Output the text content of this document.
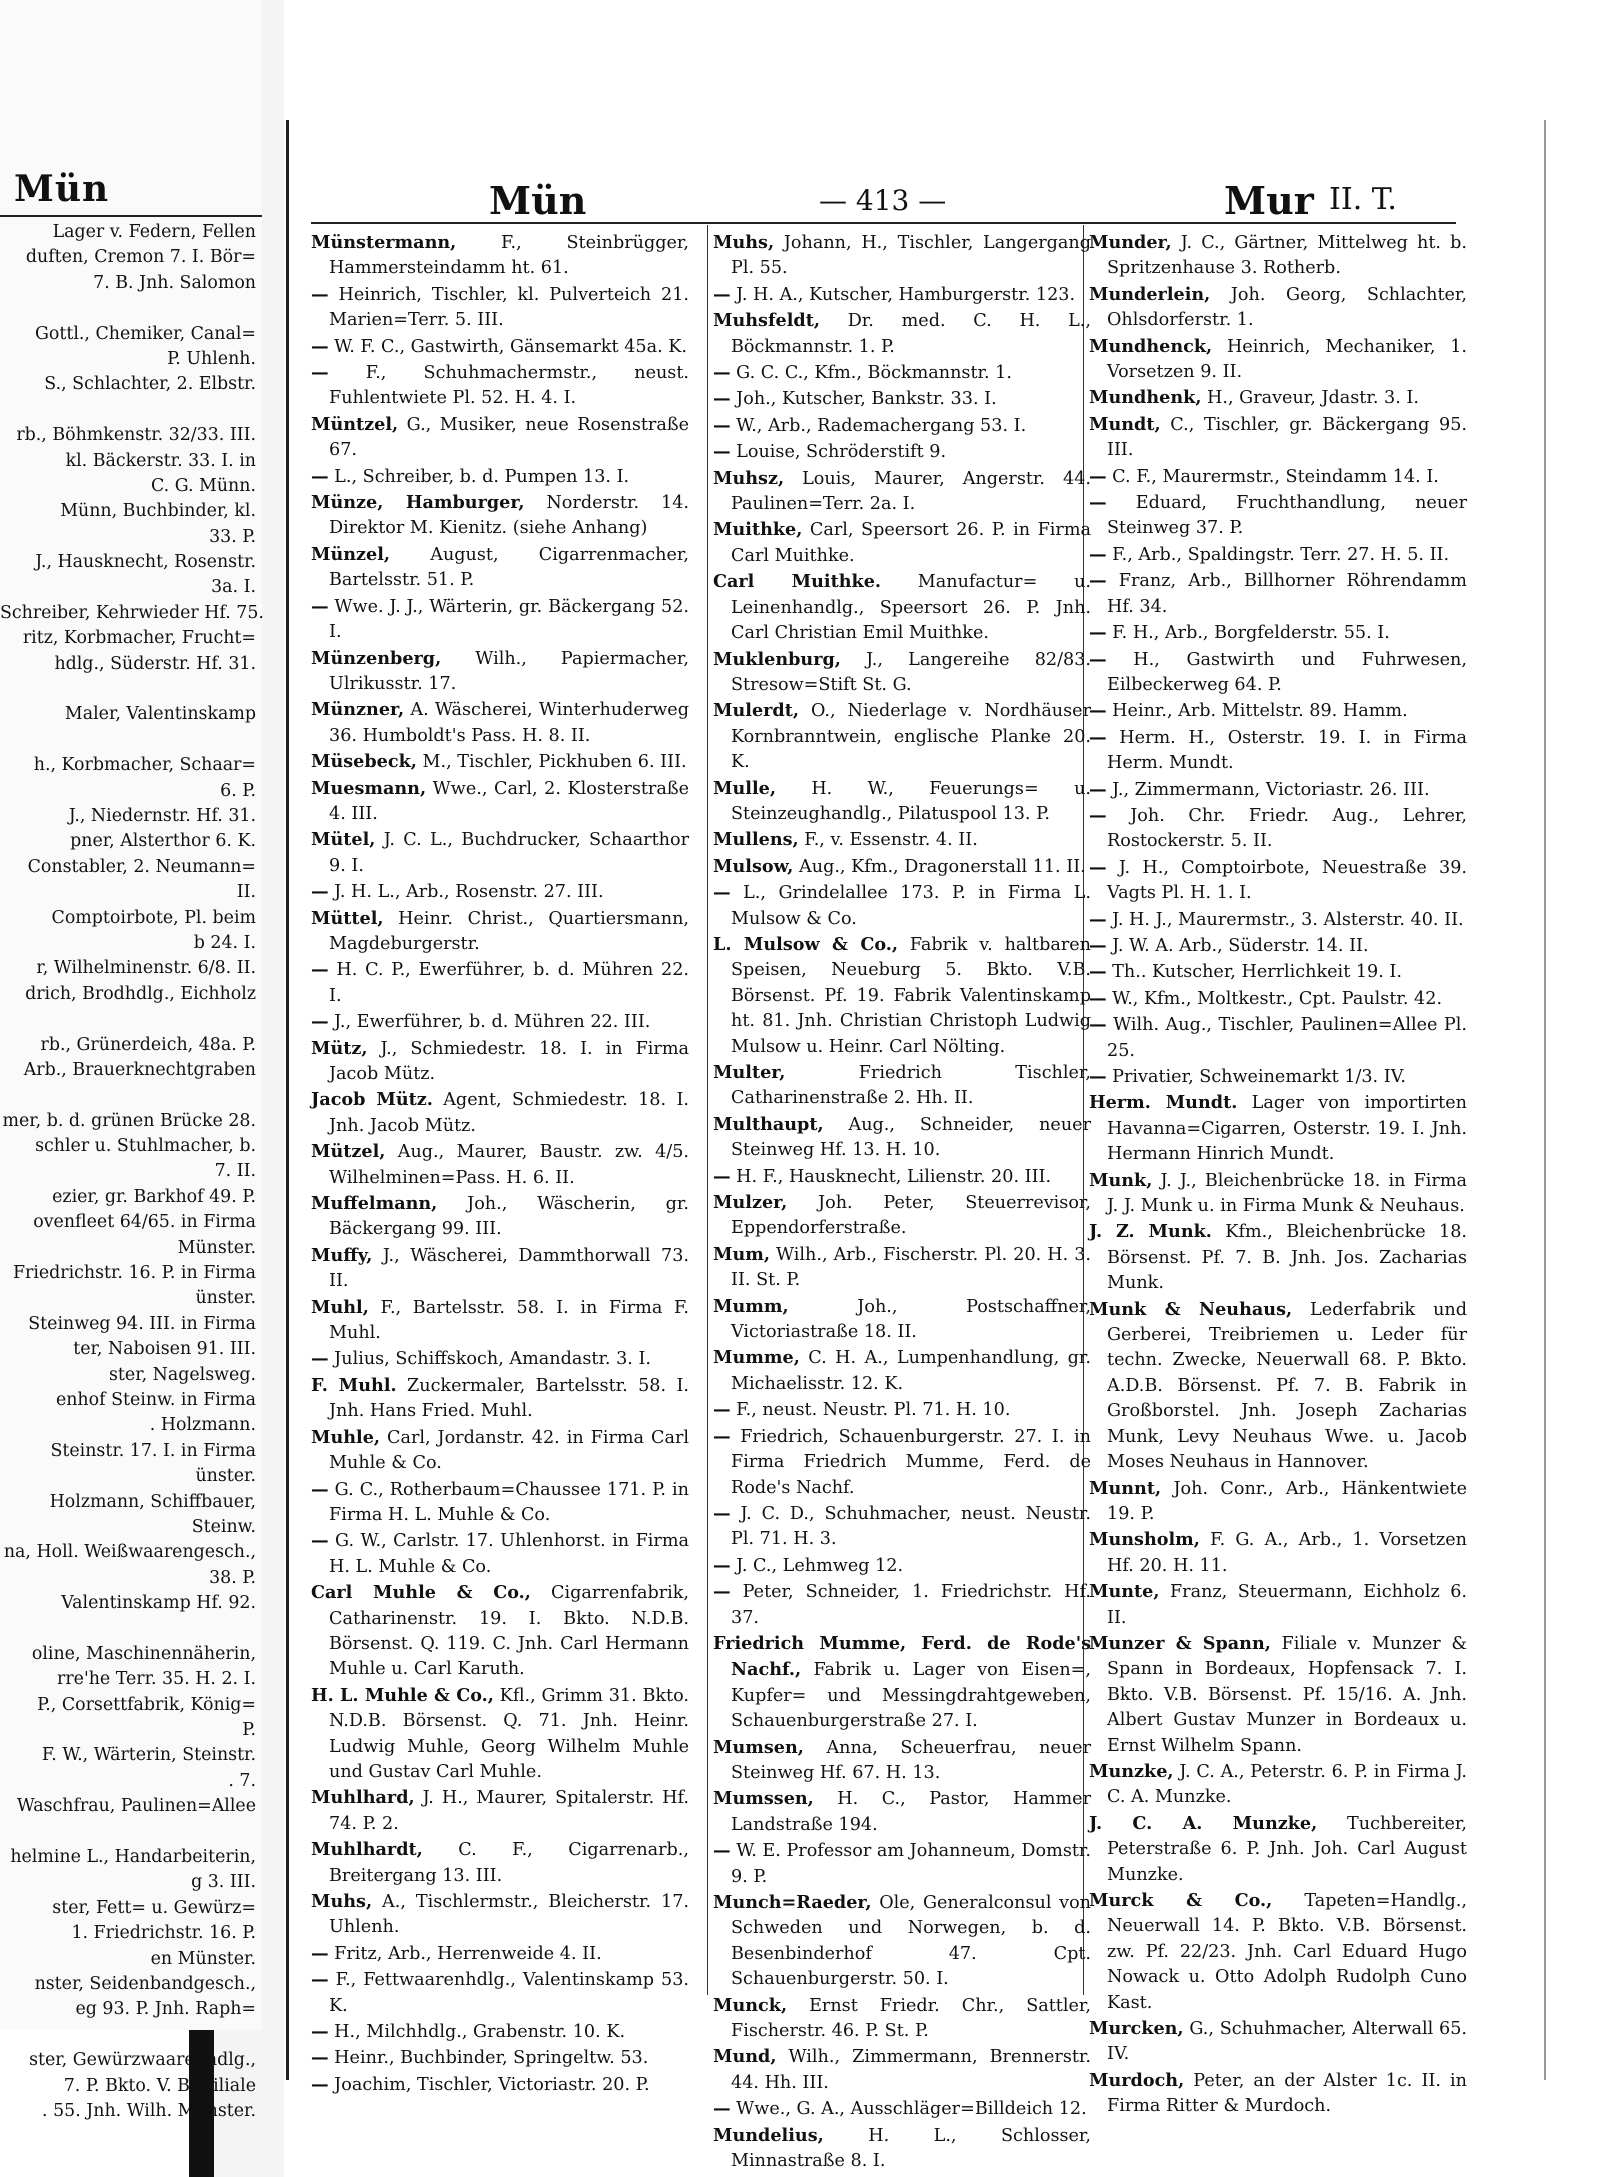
Mün
Lager v. Federn, Fellen
duften, Cremon 7. I. Bör=
7. B. Jnh. Salomon
Gottl., Chemiker, Canal=
P. Uhlenh.
S., Schlachter, 2. Elbstr.
rb., Böhmkenstr. 32/33. III.
kl. Bäckerstr. 33. I. in
C. G. Münn.
Münn, Buchbinder, kl.
33. P.
J., Hausknecht, Rosenstr.
3a. I.
Schreiber, Kehrwieder Hf. 75.
ritz, Korbmacher, Frucht=
hdlg., Süderstr. Hf. 31.
Maler, Valentinskamp
h., Korbmacher, Schaar=
6. P.
J., Niedernstr. Hf. 31.
pner, Alsterthor 6. K.
Constabler, 2. Neumann=
II.
Comptoirbote, Pl. beim
b 24. I.
r, Wilhelminenstr. 6/8. II.
drich, Brodhdlg., Eichholz
rb., Grünerdeich, 48a. P.
Arb., Brauerknechtgraben
mer, b. d. grünen Brücke 28.
schler u. Stuhlmacher, b.
7. II.
ezier, gr. Barkhof 49. P.
ovenfleet 64/65. in Firma
Münster.
Friedrichstr. 16. P. in Firma
ünster.
Steinweg 94. III. in Firma
ter, Naboisen 91. III.
ster, Nagelsweg.
enhof Steinw. in Firma
. Holzmann.
Steinstr. 17. I. in Firma
ünster.
Holzmann, Schiffbauer,
Steinw.
na, Holl. Weißwaarengesch.,
38. P.
Valentinskamp Hf. 92.
oline, Maschinennäherin,
rre'he Terr. 35. H. 2. I.
P., Corsettfabrik, König=
P.
F. W., Wärterin, Steinstr.
. 7.
Waschfrau, Paulinen=Allee
helmine L., Handarbeiterin,
g 3. III.
ster, Fett= u. Gewürz=
1. Friedrichstr. 16. P.
en Münster.
nster, Seidenbandgesch.,
eg 93. P. Jnh. Raph=
ster, Gewürzwaarenhdlg.,
7. P. Bkto. V. B. Filiale
. 55. Jnh. Wilh. Münster.
Mün	— 413 —	Mur II. T.

Münstermann, F., Steinbrügger, Hammersteindamm ht. 61.

— Heinrich, Tischler, kl. Pulverteich 21. Marien=Terr. 5. III.

— W. F. C., Gastwirth, Gänsemarkt 45a. K.

— F., Schuhmachermstr., neust. Fuhlentwiete Pl. 52. H. 4. I.

Müntzel, G., Musiker, neue Rosenstraße 67.

— L., Schreiber, b. d. Pumpen 13. I.

Münze, Hamburger, Norderstr. 14. Direktor M. Kienitz. (siehe Anhang)

Münzel, August, Cigarrenmacher, Bartelsstr. 51. P.

— Wwe. J. J., Wärterin, gr. Bäckergang 52. I.

Münzenberg, Wilh., Papiermacher, Ulrikusstr. 17.

Münzner, A. Wäscherei, Winterhuderweg 36. Humboldt's Pass. H. 8. II.

Müsebeck, M., Tischler, Pickhuben 6. III.

Muesmann, Wwe., Carl, 2. Klosterstraße 4. III.

Mütel, J. C. L., Buchdrucker, Schaarthor 9. I.

— J. H. L., Arb., Rosenstr. 27. III.

Müttel, Heinr. Christ., Quartiersmann, Magdeburgerstr.

— H. C. P., Ewerführer, b. d. Mühren 22. I.

— J., Ewerführer, b. d. Mühren 22. III.

Mütz, J., Schmiedestr. 18. I. in Firma Jacob Mütz.

Jacob Mütz. Agent, Schmiedestr. 18. I. Jnh. Jacob Mütz.

Mützel, Aug., Maurer, Baustr. zw. 4/5. Wilhelminen=Pass. H. 6. II.

Muffelmann, Joh., Wäscherin, gr. Bäckergang 99. III.

Muffy, J., Wäscherei, Dammthorwall 73. II.

Muhl, F., Bartelsstr. 58. I. in Firma F. Muhl.

— Julius, Schiffskoch, Amandastr. 3. I.

F. Muhl. Zuckermaler, Bartelsstr. 58. I. Jnh. Hans Fried. Muhl.

Muhle, Carl, Jordanstr. 42. in Firma Carl Muhle & Co.

— G. C., Rotherbaum=Chaussee 171. P. in Firma H. L. Muhle & Co.

— G. W., Carlstr. 17. Uhlenhorst. in Firma H. L. Muhle & Co.

Carl Muhle & Co., Cigarrenfabrik, Catharinenstr. 19. I. Bkto. N.D.B. Börsenst. Q. 119. C. Jnh. Carl Hermann Muhle u. Carl Karuth.

H. L. Muhle & Co., Kfl., Grimm 31. Bkto. N.D.B. Börsenst. Q. 71. Jnh. Heinr. Ludwig Muhle, Georg Wilhelm Muhle und Gustav Carl Muhle.

Muhlhard, J. H., Maurer, Spitalerstr. Hf. 74. P. 2.

Muhlhardt, C. F., Cigarrenarb., Breitergang 13. III.

Muhs, A., Tischlermstr., Bleicherstr. 17. Uhlenh.

— Fritz, Arb., Herrenweide 4. II.

— F., Fettwaarenhdlg., Valentinskamp 53. K.

— H., Milchhdlg., Grabenstr. 10. K.

— Heinr., Buchbinder, Springeltw. 53.

— Joachim, Tischler, Victoriastr. 20. P.

Muhs, Johann, H., Tischler, Langergang Pl. 55.

— J. H. A., Kutscher, Hamburgerstr. 123.

Muhsfeldt, Dr. med. C. H. L., Böckmannstr. 1. P.

— G. C. C., Kfm., Böckmannstr. 1.

— Joh., Kutscher, Bankstr. 33. I.

— W., Arb., Rademachergang 53. I.

— Louise, Schröderstift 9.

Muhsz, Louis, Maurer, Angerstr. 44. Paulinen=Terr. 2a. I.

Muithke, Carl, Speersort 26. P. in Firma Carl Muithke.

Carl Muithke. Manufactur= u. Leinenhandlg., Speersort 26. P. Jnh. Carl Christian Emil Muithke.

Muklenburg, J., Langereihe 82/83. Stresow=Stift St. G.

Mulerdt, O., Niederlage v. Nordhäuser Kornbranntwein, englische Planke 20. K.

Mulle, H. W., Feuerungs= u. Steinzeughandlg., Pilatuspool 13. P.

Mullens, F., v. Essenstr. 4. II.

Mulsow, Aug., Kfm., Dragonerstall 11. II.

— L., Grindelallee 173. P. in Firma L. Mulsow & Co.

L. Mulsow & Co., Fabrik v. haltbaren Speisen, Neueburg 5. Bkto. V.B. Börsenst. Pf. 19. Fabrik Valentinskamp ht. 81. Jnh. Christian Christoph Ludwig Mulsow u. Heinr. Carl Nölting.

Multer, Friedrich Tischler, Catharinenstraße 2. Hh. II.

Multhaupt, Aug., Schneider, neuer Steinweg Hf. 13. H. 10.

— H. F., Hausknecht, Lilienstr. 20. III.

Mulzer, Joh. Peter, Steuerrevisor, Eppendorferstraße.

Mum, Wilh., Arb., Fischerstr. Pl. 20. H. 3. II. St. P.

Mumm, Joh., Postschaffner, Victoriastraße 18. II.

Mumme, C. H. A., Lumpenhandlung, gr. Michaelisstr. 12. K.

— F., neust. Neustr. Pl. 71. H. 10.

— Friedrich, Schauenburgerstr. 27. I. in Firma Friedrich Mumme, Ferd. de Rode's Nachf.

— J. C. D., Schuhmacher, neust. Neustr. Pl. 71. H. 3.

— J. C., Lehmweg 12.

— Peter, Schneider, 1. Friedrichstr. Hf. 37.

Friedrich Mumme, Ferd. de Rode's Nachf., Fabrik u. Lager von Eisen=, Kupfer= und Messingdrahtgeweben, Schauenburgerstraße 27. I.

Mumsen, Anna, Scheuerfrau, neuer Steinweg Hf. 67. H. 13.

Mumssen, H. C., Pastor, Hammer Landstraße 194.

— W. E. Professor am Johanneum, Domstr. 9. P.

Munch=Raeder, Ole, Generalconsul von Schweden und Norwegen, b. d. Besenbinderhof 47. Cpt. Schauenburgerstr. 50. I.

Munck, Ernst Friedr. Chr., Sattler, Fischerstr. 46. P. St. P.

Mund, Wilh., Zimmermann, Brennerstr. 44. Hh. III.

— Wwe., G. A., Ausschläger=Billdeich 12.

Mundelius, H. L., Schlosser, Minnastraße 8. I.

Munder, J. C., Gärtner, Mittelweg ht. b. Spritzenhause 3. Rotherb.

Munderlein, Joh. Georg, Schlachter, Ohlsdorferstr. 1.

Mundhenck, Heinrich, Mechaniker, 1. Vorsetzen 9. II.

Mundhenk, H., Graveur, Jdastr. 3. I.

Mundt, C., Tischler, gr. Bäckergang 95. III.

— C. F., Maurermstr., Steindamm 14. I.

— Eduard, Fruchthandlung, neuer Steinweg 37. P.

— F., Arb., Spaldingstr. Terr. 27. H. 5. II.

— Franz, Arb., Billhorner Röhrendamm Hf. 34.

— F. H., Arb., Borgfelderstr. 55. I.

— H., Gastwirth und Fuhrwesen, Eilbeckerweg 64. P.

— Heinr., Arb. Mittelstr. 89. Hamm.

— Herm. H., Osterstr. 19. I. in Firma Herm. Mundt.

— J., Zimmermann, Victoriastr. 26. III.

— Joh. Chr. Friedr. Aug., Lehrer, Rostockerstr. 5. II.

— J. H., Comptoirbote, Neuestraße 39. Vagts Pl. H. 1. I.

— J. H. J., Maurermstr., 3. Alsterstr. 40. II.

— J. W. A. Arb., Süderstr. 14. II.

— Th.. Kutscher, Herrlichkeit 19. I.

— W., Kfm., Moltkestr., Cpt. Paulstr. 42.

— Wilh. Aug., Tischler, Paulinen=Allee Pl. 25.

— Privatier, Schweinemarkt 1/3. IV.

Herm. Mundt. Lager von importirten Havanna=Cigarren, Osterstr. 19. I. Jnh. Hermann Hinrich Mundt.

Munk, J. J., Bleichenbrücke 18. in Firma J. J. Munk u. in Firma Munk & Neuhaus.

J. Z. Munk. Kfm., Bleichenbrücke 18. Börsenst. Pf. 7. B. Jnh. Jos. Zacharias Munk.

Munk & Neuhaus, Lederfabrik und Gerberei, Treibriemen u. Leder für techn. Zwecke, Neuerwall 68. P. Bkto. A.D.B. Börsenst. Pf. 7. B. Fabrik in Großborstel. Jnh. Joseph Zacharias Munk, Levy Neuhaus Wwe. u. Jacob Moses Neuhaus in Hannover.

Munnt, Joh. Conr., Arb., Hänkentwiete 19. P.

Munsholm, F. G. A., Arb., 1. Vorsetzen Hf. 20. H. 11.

Munte, Franz, Steuermann, Eichholz 6. II.

Munzer & Spann, Filiale v. Munzer & Spann in Bordeaux, Hopfensack 7. I. Bkto. V.B. Börsenst. Pf. 15/16. A. Jnh. Albert Gustav Munzer in Bordeaux u. Ernst Wilhelm Spann.

Munzke, J. C. A., Peterstr. 6. P. in Firma J. C. A. Munzke.

J. C. A. Munzke, Tuchbereiter, Peterstraße 6. P. Jnh. Joh. Carl August Munzke.

Murck & Co., Tapeten=Handlg., Neuerwall 14. P. Bkto. V.B. Börsenst. zw. Pf. 22/23. Jnh. Carl Eduard Hugo Nowack u. Otto Adolph Rudolph Cuno Kast.

Murcken, G., Schuhmacher, Alterwall 65. IV.

Murdoch, Peter, an der Alster 1c. II. in Firma Ritter & Murdoch.
